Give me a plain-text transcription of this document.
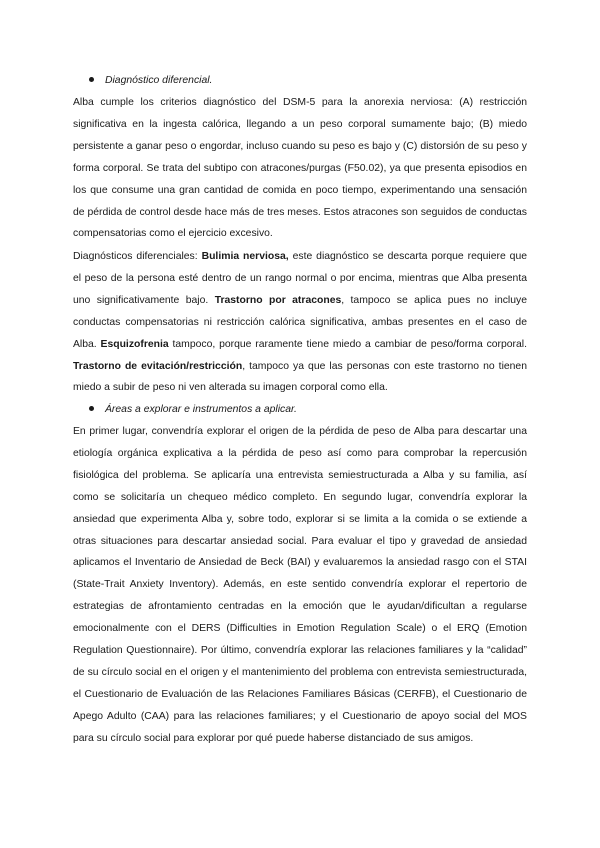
Diagnóstico diferencial.

Alba cumple los criterios diagnóstico del DSM-5 para la anorexia nerviosa: (A) restricción significativa en la ingesta calórica, llegando a un peso corporal sumamente bajo; (B) miedo persistente a ganar peso o engordar, incluso cuando su peso es bajo y (C) distorsión de su peso y forma corporal. Se trata del subtipo con atracones/purgas (F50.02), ya que presenta episodios en los que consume una gran cantidad de comida en poco tiempo, experimentando una sensación de pérdida de control desde hace más de tres meses. Estos atracones son seguidos de conductas compensatorias como el ejercicio excesivo.

Diagnósticos diferenciales: Bulimia nerviosa, este diagnóstico se descarta porque requiere que el peso de la persona esté dentro de un rango normal o por encima, mientras que Alba presenta uno significativamente bajo. Trastorno por atracones, tampoco se aplica pues no incluye conductas compensatorias ni restricción calórica significativa, ambas presentes en el caso de Alba. Esquizofrenia tampoco, porque raramente tiene miedo a cambiar de peso/forma corporal. Trastorno de evitación/restricción, tampoco ya que las personas con este trastorno no tienen miedo a subir de peso ni ven alterada su imagen corporal como ella.

Áreas a explorar e instrumentos a aplicar.

En primer lugar, convendría explorar el origen de la pérdida de peso de Alba para descartar una etiología orgánica explicativa a la pérdida de peso así como para comprobar la repercusión fisiológica del problema. Se aplicaría una entrevista semiestructurada a Alba y su familia, así como se solicitaría un chequeo médico completo. En segundo lugar, convendría explorar la ansiedad que experimenta Alba y, sobre todo, explorar si se limita a la comida o se extiende a otras situaciones para descartar ansiedad social. Para evaluar el tipo y gravedad de ansiedad aplicamos el Inventario de Ansiedad de Beck (BAI) y evaluaremos la ansiedad rasgo con el STAI (State-Trait Anxiety Inventory). Además, en este sentido convendría explorar el repertorio de estrategias de afrontamiento centradas en la emoción que le ayudan/dificultan a regularse emocionalmente con el DERS (Difficulties in Emotion Regulation Scale) o el ERQ (Emotion Regulation Questionnaire). Por último, convendría explorar las relaciones familiares y la “calidad” de su círculo social en el origen y el mantenimiento del problema con entrevista semiestructurada, el Cuestionario de Evaluación de las Relaciones Familiares Básicas (CERFB), el Cuestionario de Apego Adulto (CAA) para las relaciones familiares; y el Cuestionario de apoyo social del MOS para su círculo social para explorar por qué puede haberse distanciado de sus amigos.
